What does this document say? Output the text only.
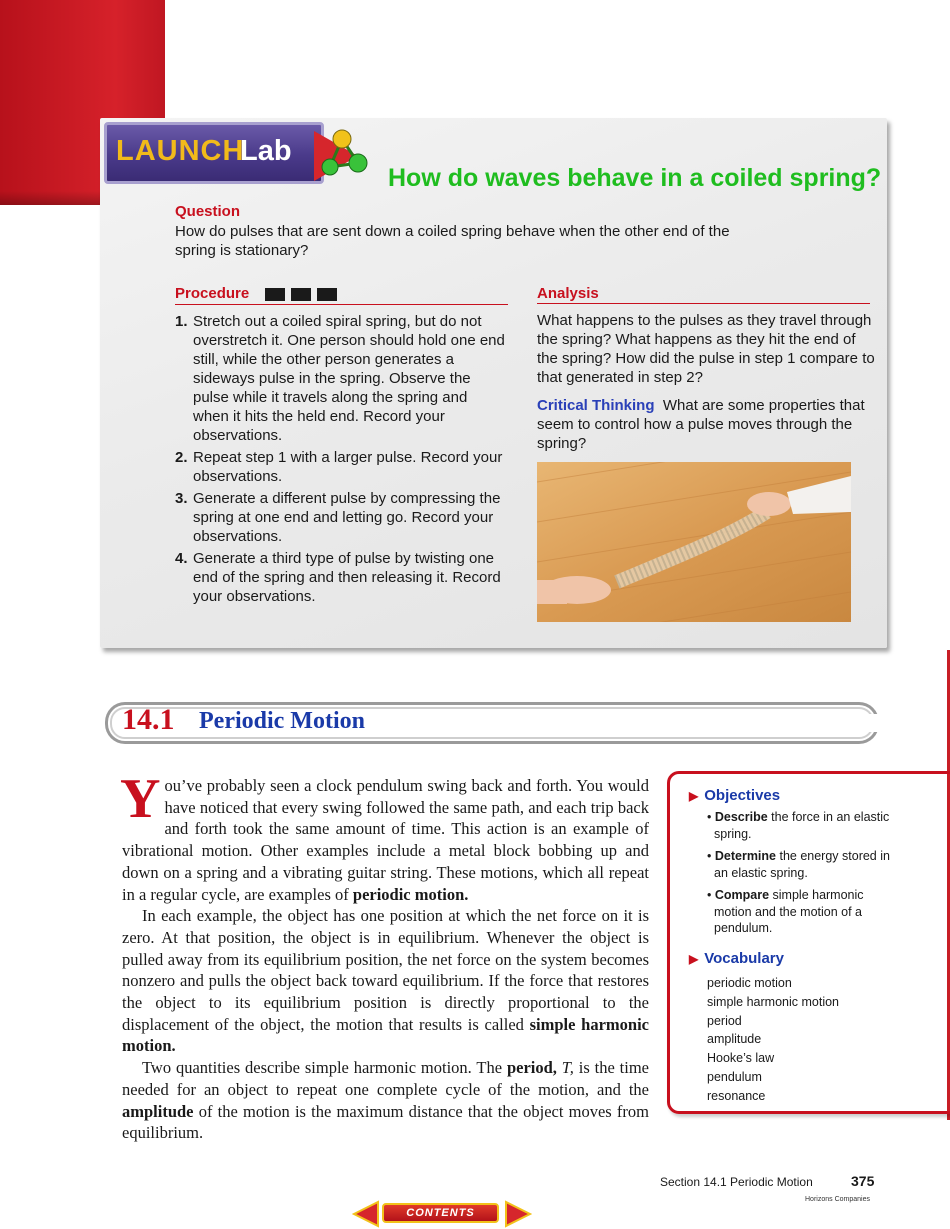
LAUNCH
Lab
How do waves behave in a coiled spring?
Question
How do pulses that are sent down a coiled spring behave when the other end of the spring is stationary?
Procedure
1. Stretch out a coiled spiral spring, but do not overstretch it. One person should hold one end still, while the other person generates a sideways pulse in the spring. Observe the pulse while it travels along the spring and when it hits the held end. Record your observations.
2. Repeat step 1 with a larger pulse. Record your observations.
3. Generate a different pulse by compressing the spring at one end and letting go. Record your observations.
4. Generate a third type of pulse by twisting one end of the spring and then releasing it. Record your observations.
Analysis
What happens to the pulses as they travel through the spring? What happens as they hit the end of the spring? How did the pulse in step 1 compare to that generated in step 2?
Critical Thinking What are some properties that seem to control how a pulse moves through the spring?
14.1 Periodic Motion

You’ve probably seen a clock pendulum swing back and forth. You would have noticed that every swing followed the same path, and each trip back and forth took the same amount of time. This action is an example of vibrational motion. Other examples include a metal block bobbing up and down on a spring and a vibrating guitar string. These motions, which all repeat in a regular cycle, are examples of periodic motion.

In each example, the object has one position at which the net force on it is zero. At that position, the object is in equilibrium. Whenever the object is pulled away from its equilibrium position, the net force on the system becomes nonzero and pulls the object back toward equilibrium. If the force that restores the object to its equilibrium position is directly proportional to the displacement of the object, the motion that results is called simple harmonic motion.

Two quantities describe simple harmonic motion. The period, T, is the time needed for an object to repeat one complete cycle of the motion, and the amplitude of the motion is the maximum distance that the object moves from equilibrium.

▶ Objectives
• Describe the force in an elastic spring.
• Determine the energy stored in an elastic spring.
• Compare simple harmonic motion and the motion of a pendulum.
▶ Vocabulary
periodic motion
simple harmonic motion
period
amplitude
Hooke’s law
pendulum
resonance
Section 14.1 Periodic Motion	375
Horizons Companies
CONTENTS
